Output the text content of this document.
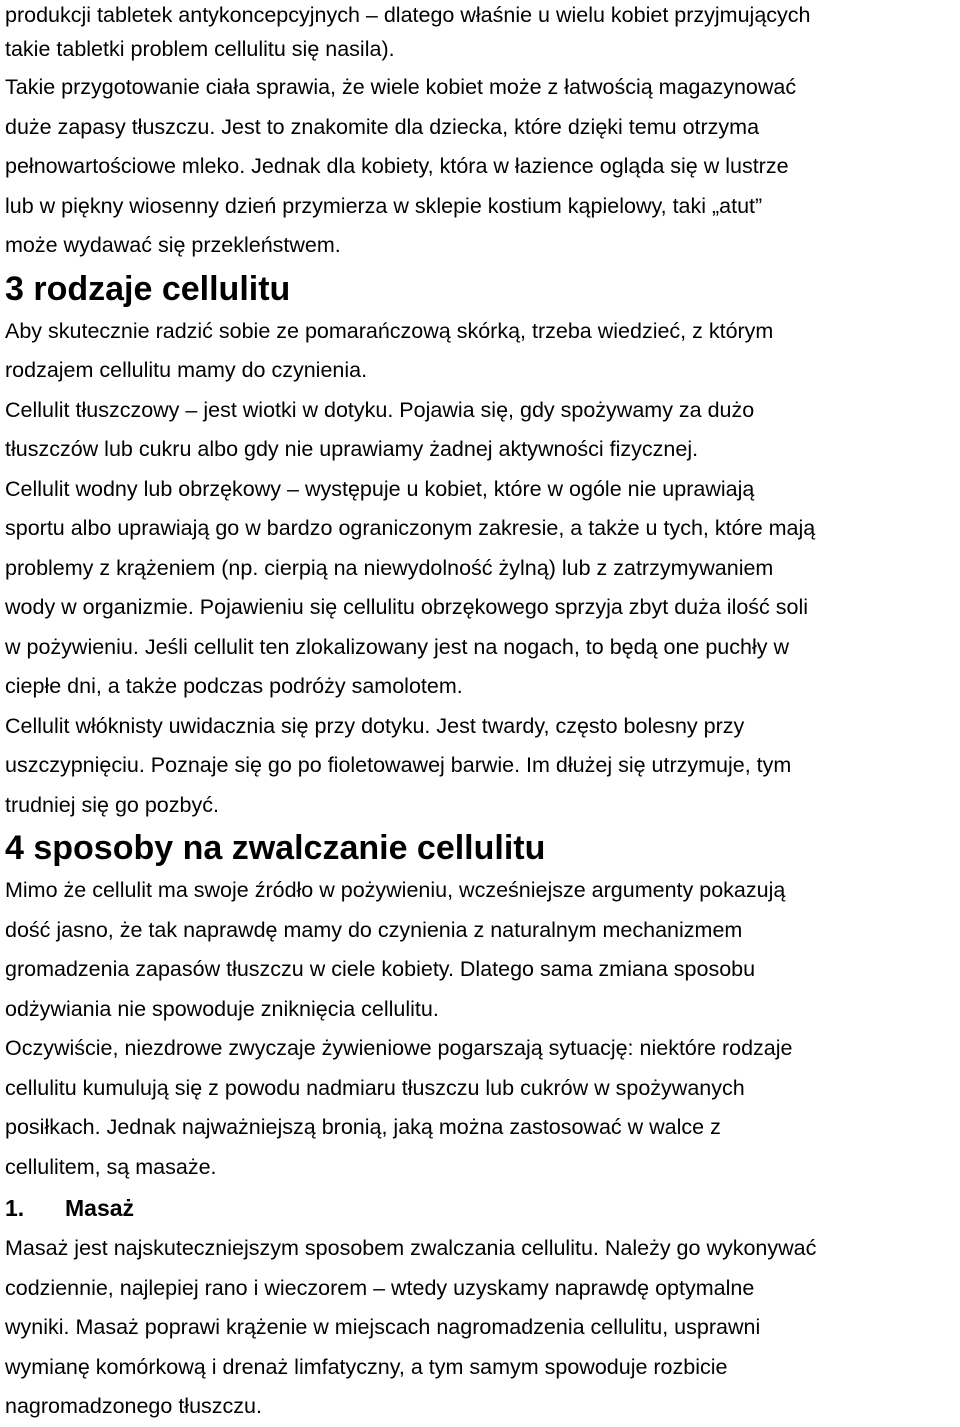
produkcji tabletek antykoncepcyjnych – dlatego właśnie u wielu kobiet przyjmujących
takie tabletki problem cellulitu się nasila).
Takie przygotowanie ciała sprawia, że wiele kobiet może z łatwością magazynować
duże zapasy tłuszczu. Jest to znakomite dla dziecka, które dzięki temu otrzyma
pełnowartościowe mleko. Jednak dla kobiety, która w łazience ogląda się w lustrze
lub w piękny wiosenny dzień przymierza w sklepie kostium kąpielowy, taki „atut”
może wydawać się przekleństwem.
3 rodzaje cellulitu
Aby skutecznie radzić sobie ze pomarańczową skórką, trzeba wiedzieć, z którym
rodzajem cellulitu mamy do czynienia.
Cellulit tłuszczowy – jest wiotki w dotyku. Pojawia się, gdy spożywamy za dużo
tłuszczów lub cukru albo gdy nie uprawiamy żadnej aktywności fizycznej.
Cellulit wodny lub obrzękowy – występuje u kobiet, które w ogóle nie uprawiają
sportu albo uprawiają go w bardzo ograniczonym zakresie, a także u tych, które mają
problemy z krążeniem (np. cierpią na niewydolność żylną) lub z zatrzymywaniem
wody w organizmie. Pojawieniu się cellulitu obrzękowego sprzyja zbyt duża ilość soli
w pożywieniu. Jeśli cellulit ten zlokalizowany jest na nogach, to będą one puchły w
ciepłe dni, a także podczas podróży samolotem.
Cellulit włóknisty uwidacznia się przy dotyku. Jest twardy, często bolesny przy
uszczypnięciu. Poznaje się go po fioletowawej barwie. Im dłużej się utrzymuje, tym
trudniej się go pozbyć.
4 sposoby na zwalczanie cellulitu
Mimo że cellulit ma swoje źródło w pożywieniu, wcześniejsze argumenty pokazują
dość jasno, że tak naprawdę mamy do czynienia z naturalnym mechanizmem
gromadzenia zapasów tłuszczu w ciele kobiety. Dlatego sama zmiana sposobu
odżywiania nie spowoduje zniknięcia cellulitu.
Oczywiście, niezdrowe zwyczaje żywieniowe pogarszają sytuację: niektóre rodzaje
cellulitu kumulują się z powodu nadmiaru tłuszczu lub cukrów w spożywanych
posiłkach. Jednak najważniejszą bronią, jaką można zastosować w walce z
cellulitem, są masaże.
1. Masaż
Masaż jest najskuteczniejszym sposobem zwalczania cellulitu. Należy go wykonywać
codziennie, najlepiej rano i wieczorem – wtedy uzyskamy naprawdę optymalne
wyniki. Masaż poprawi krążenie w miejscach nagromadzenia cellulitu, usprawni
wymianę komórkową i drenaż limfatyczny, a tym samym spowoduje rozbicie
nagromadzonego tłuszczu.
